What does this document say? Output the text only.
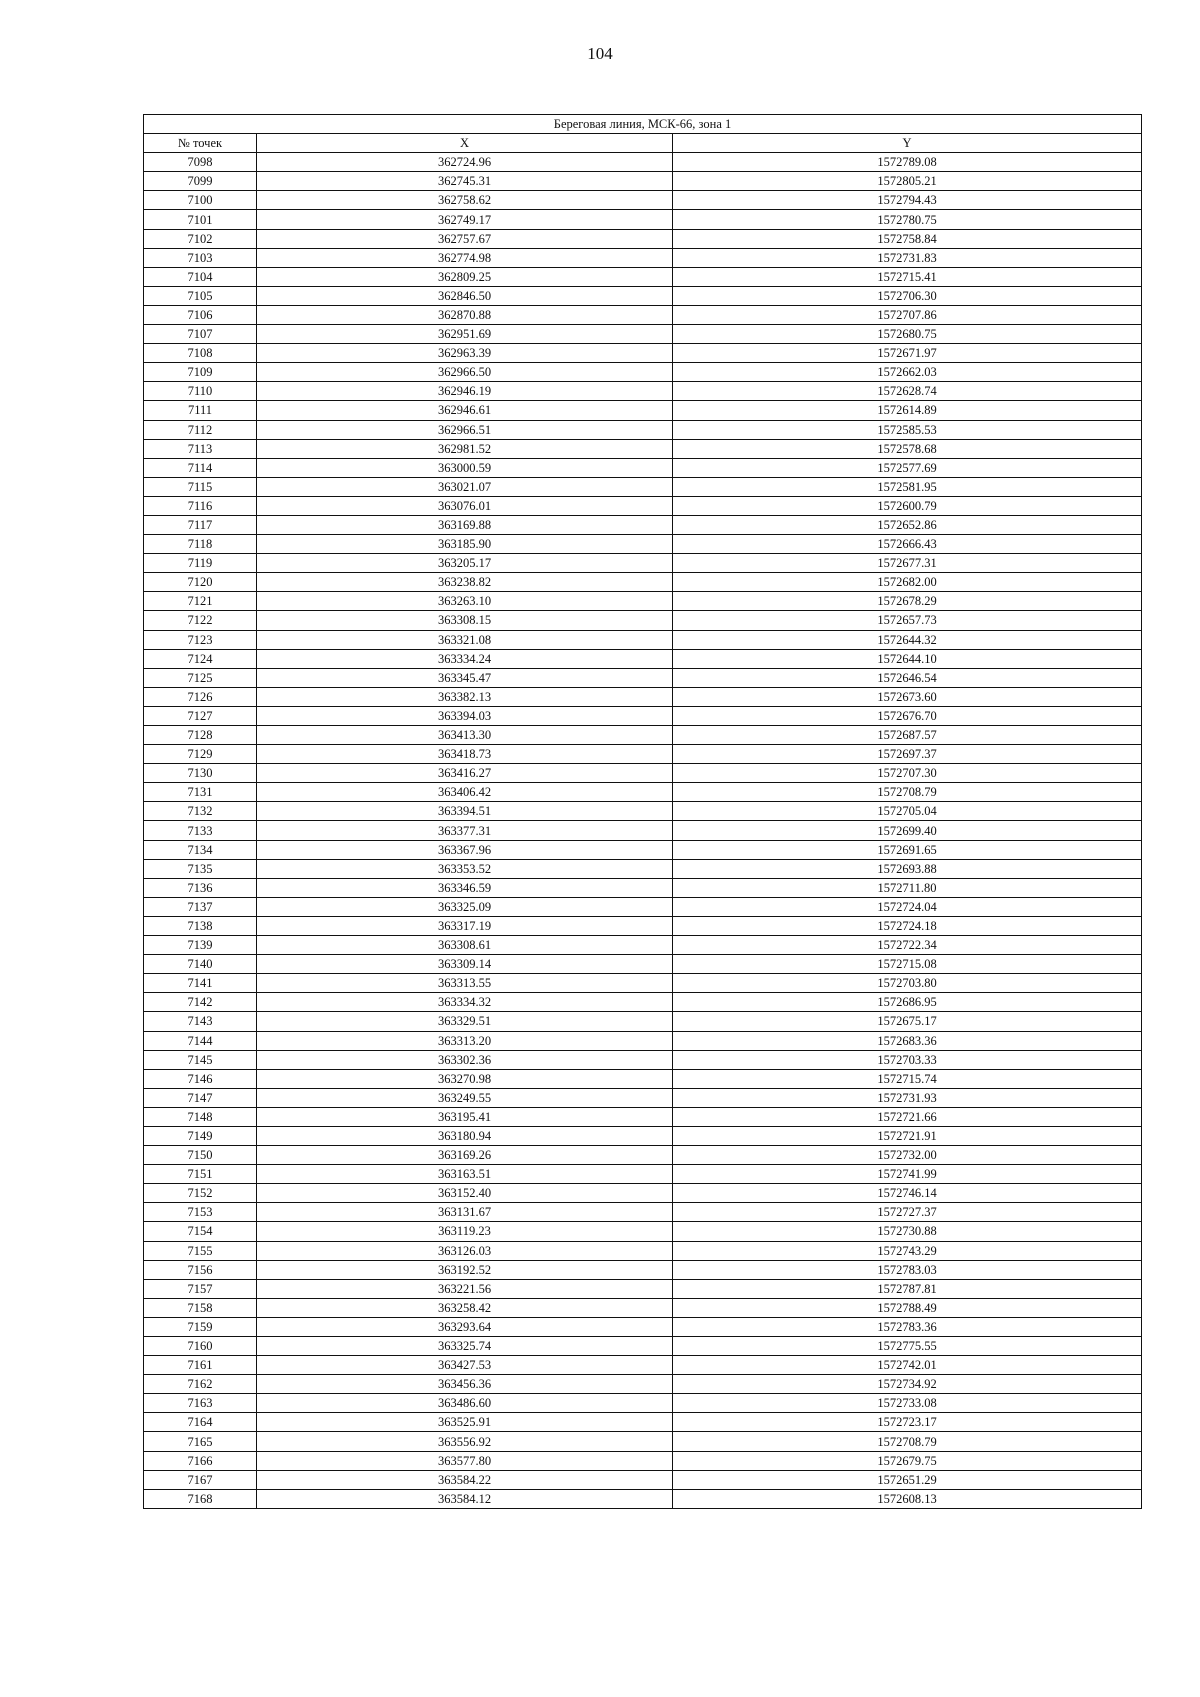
104
Береговая линия, МСК-66, зона 1		
№ точек	X	Y
7098	362724.96	1572789.08
7099	362745.31	1572805.21
7100	362758.62	1572794.43
7101	362749.17	1572780.75
7102	362757.67	1572758.84
7103	362774.98	1572731.83
7104	362809.25	1572715.41
7105	362846.50	1572706.30
7106	362870.88	1572707.86
7107	362951.69	1572680.75
7108	362963.39	1572671.97
7109	362966.50	1572662.03
7110	362946.19	1572628.74
7111	362946.61	1572614.89
7112	362966.51	1572585.53
7113	362981.52	1572578.68
7114	363000.59	1572577.69
7115	363021.07	1572581.95
7116	363076.01	1572600.79
7117	363169.88	1572652.86
7118	363185.90	1572666.43
7119	363205.17	1572677.31
7120	363238.82	1572682.00
7121	363263.10	1572678.29
7122	363308.15	1572657.73
7123	363321.08	1572644.32
7124	363334.24	1572644.10
7125	363345.47	1572646.54
7126	363382.13	1572673.60
7127	363394.03	1572676.70
7128	363413.30	1572687.57
7129	363418.73	1572697.37
7130	363416.27	1572707.30
7131	363406.42	1572708.79
7132	363394.51	1572705.04
7133	363377.31	1572699.40
7134	363367.96	1572691.65
7135	363353.52	1572693.88
7136	363346.59	1572711.80
7137	363325.09	1572724.04
7138	363317.19	1572724.18
7139	363308.61	1572722.34
7140	363309.14	1572715.08
7141	363313.55	1572703.80
7142	363334.32	1572686.95
7143	363329.51	1572675.17
7144	363313.20	1572683.36
7145	363302.36	1572703.33
7146	363270.98	1572715.74
7147	363249.55	1572731.93
7148	363195.41	1572721.66
7149	363180.94	1572721.91
7150	363169.26	1572732.00
7151	363163.51	1572741.99
7152	363152.40	1572746.14
7153	363131.67	1572727.37
7154	363119.23	1572730.88
7155	363126.03	1572743.29
7156	363192.52	1572783.03
7157	363221.56	1572787.81
7158	363258.42	1572788.49
7159	363293.64	1572783.36
7160	363325.74	1572775.55
7161	363427.53	1572742.01
7162	363456.36	1572734.92
7163	363486.60	1572733.08
7164	363525.91	1572723.17
7165	363556.92	1572708.79
7166	363577.80	1572679.75
7167	363584.22	1572651.29
7168	363584.12	1572608.13
